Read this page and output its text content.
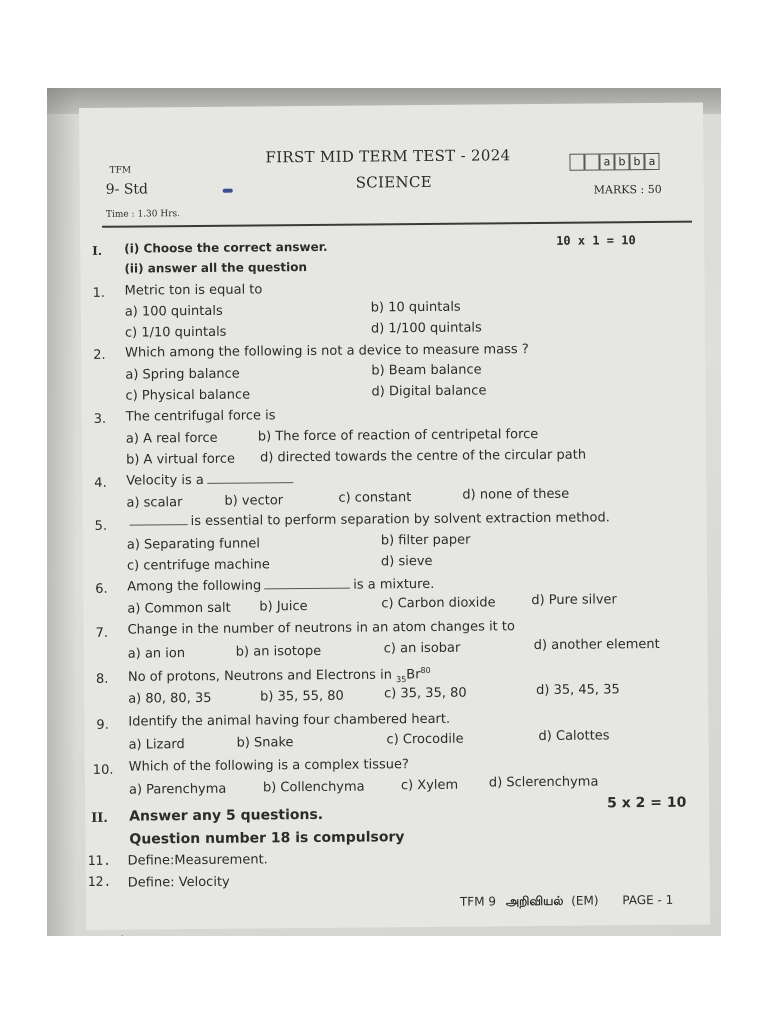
TFM
9- Std
Time : 1.30 Hrs.
FIRST MID TERM TEST - 2024
SCIENCE	MARKS : 50
a b b a
I. (i) Choose the correct answer.
(ii) answer all the question
10 x 1 = 10
1. Metric ton is equal to
a) 100 quintals	b) 10 quintals
c) 1/10 quintals	d) 1/100 quintals
2. Which among the following is not a device to measure mass ?
a) Spring balance	b) Beam balance
c) Physical balance	d) Digital balance
3. The centrifugal force is
a) A real force	b) The force of reaction of centripetal force
b) A virtual force d) directed towards the centre of the circular path
4. Velocity is a
a) scalar	b) vector	c) constant	d) none of these
5.	is essential to perform separation by solvent extraction method.
a) Separating funnel	b) filter paper
c) centrifuge machine	d) sieve
6. Among the following	is a mixture.
a) Common salt b) Juice	c) Carbon dioxide	d) Pure silver
7. Change in the number of neutrons in an atom changes it to
a) an ion	b) an isotope	c) an isobar	d) another element
8. No of protons, Neutrons and Electrons in $_{35}Br^{80}$
a) 80, 80, 35	b) 35, 55, 80	c) 35, 35, 80	d) 35, 45, 35
9. Identify the animal having four chambered heart.
a) Lizard	b) Snake	c) Crocodile	d) Calottes
10. Which of the following is a complex tissue?
a) Parenchyma	b) Collenchyma	c) Xylem d) Sclerenchyma
II. Answer any 5 questions.
Question number 18 is compulsory
5 x 2 = 10
11. Define:Measurement.
12. Define: Velocity
TFM 9 அறிவியல் (EM) PAGE - 1
